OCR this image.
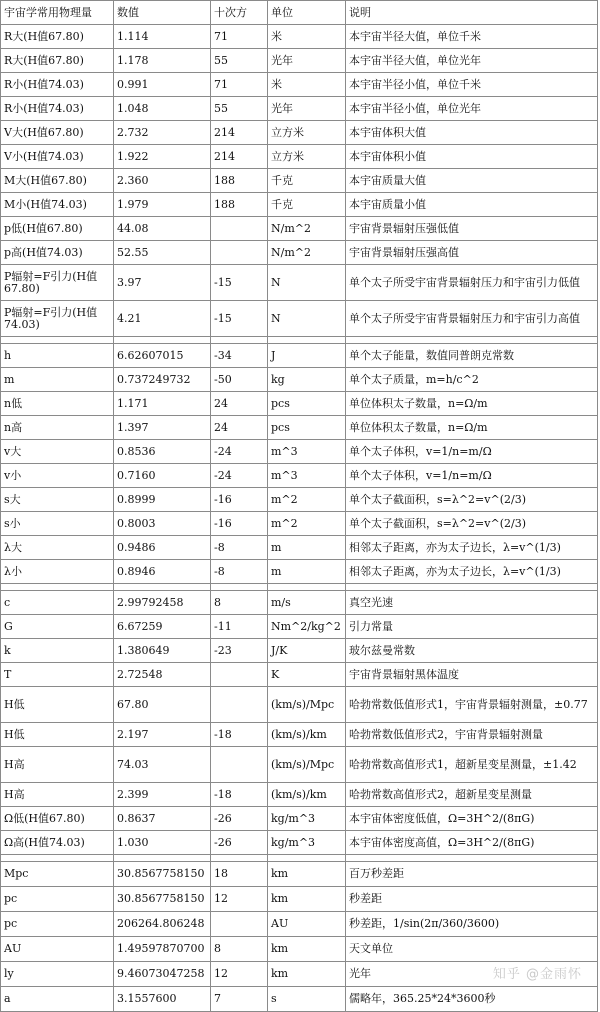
宇宙学常用物理量	数值	十次方	单位	说明
R大(H值67.80)	1.114	71	米	本宇宙半径大值，单位千米
R大(H值67.80)	1.178	55	光年	本宇宙半径大值，单位光年
R小(H值74.03)	0.991	71	米	本宇宙半径小值，单位千米
R小(H值74.03)	1.048	55	光年	本宇宙半径小值，单位光年
V大(H值67.80)	2.732	214	立方米	本宇宙体积大值
V小(H值74.03)	1.922	214	立方米	本宇宙体积小值
M大(H值67.80)	2.360	188	千克	本宇宙质量大值
M小(H值74.03)	1.979	188	千克	本宇宙质量小值
p低(H值67.80)	44.08		N/m^2	宇宙背景辐射压强低值
p高(H值74.03)	52.55		N/m^2	宇宙背景辐射压强高值
P辐射=F引力(H值67.80)	3.97	-15	N	单个太子所受宇宙背景辐射压力和宇宙引力低值
P辐射=F引力(H值74.03)	4.21	-15	N	单个太子所受宇宙背景辐射压力和宇宙引力高值

h	6.62607015	-34	J	单个太子能量，数值同普朗克常数
m	0.737249732	-50	kg	单个太子质量，m=h/c^2
n低	1.171	24	pcs	单位体积太子数量，n=Ω/m
n高	1.397	24	pcs	单位体积太子数量，n=Ω/m
v大	0.8536	-24	m^3	单个太子体积，v=1/n=m/Ω
v小	0.7160	-24	m^3	单个太子体积，v=1/n=m/Ω
s大	0.8999	-16	m^2	单个太子截面积，s=λ^2=v^(2/3)
s小	0.8003	-16	m^2	单个太子截面积，s=λ^2=v^(2/3)
λ大	0.9486	-8	m	相邻太子距离，亦为太子边长，λ=v^(1/3)
λ小	0.8946	-8	m	相邻太子距离，亦为太子边长，λ=v^(1/3)

c	2.99792458	8	m/s	真空光速
G	6.67259	-11	Nm^2/kg^2	引力常量
k	1.380649	-23	J/K	玻尔兹曼常数
T	2.72548		K	宇宙背景辐射黑体温度
H低	67.80		(km/s)/Mpc	哈勃常数低值形式1，宇宙背景辐射测量，±0.77
H低	2.197	-18	(km/s)/km	哈勃常数低值形式2，宇宙背景辐射测量
H高	74.03		(km/s)/Mpc	哈勃常数高值形式1，超新星变星测量，±1.42
H高	2.399	-18	(km/s)/km	哈勃常数高值形式2，超新星变星测量
Ω低(H值67.80)	0.8637	-26	kg/m^3	本宇宙体密度低值，Ω=3H^2/(8πG)
Ω高(H值74.03)	1.030	-26	kg/m^3	本宇宙体密度高值，Ω=3H^2/(8πG)

Mpc	30.8567758150	18	km	百万秒差距
pc	30.8567758150	12	km	秒差距
pc	206264.806248		AU	秒差距，1/sin(2π/360/3600)
AU	1.49597870700	8	km	天文单位
ly	9.46073047258	12	km	光年
a	3.1557600	7	s	儒略年，365.25*24*3600秒
知乎 @金雨怀
